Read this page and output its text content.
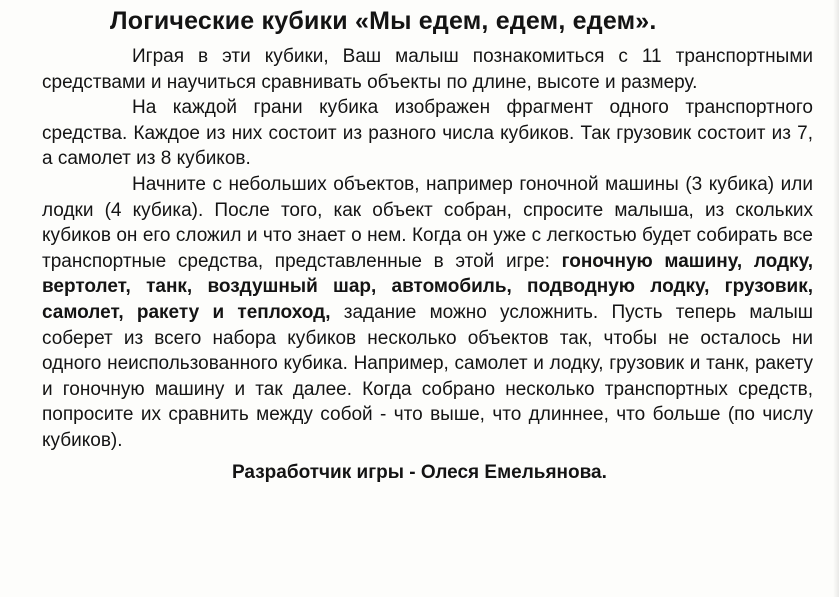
Логические кубики «Мы едем, едем, едем».

Играя в эти кубики, Ваш малыш познакомиться с 11 транспортными средствами и научиться сравнивать объекты по длине, высоте и размеру.

На каждой грани кубика изображен фрагмент одного транспортного средства. Каждое из них состоит из разного числа кубиков. Так грузовик состоит из 7, а самолет из 8 кубиков.

Начните с небольших объектов, например гоночной машины (3 кубика) или лодки (4 кубика). После того, как объект собран, спросите малыша, из скольких кубиков он его сложил и что знает о нем. Когда он уже с легкостью будет собирать все транспортные средства, представленные в этой игре: гоночную машину, лодку, вертолет, танк, воздушный шар, автомобиль, подводную лодку, грузовик, самолет, ракету и теплоход, задание можно усложнить. Пусть теперь малыш соберет из всего набора кубиков несколько объектов так, чтобы не осталось ни одного неиспользованного кубика. Например, самолет и лодку, грузовик и танк, ракету и гоночную машину и так далее. Когда собрано несколько транспортных средств, попросите их сравнить между собой - что выше, что длиннее, что больше (по числу кубиков).

Разработчик игры - Олеся Емельянова.
